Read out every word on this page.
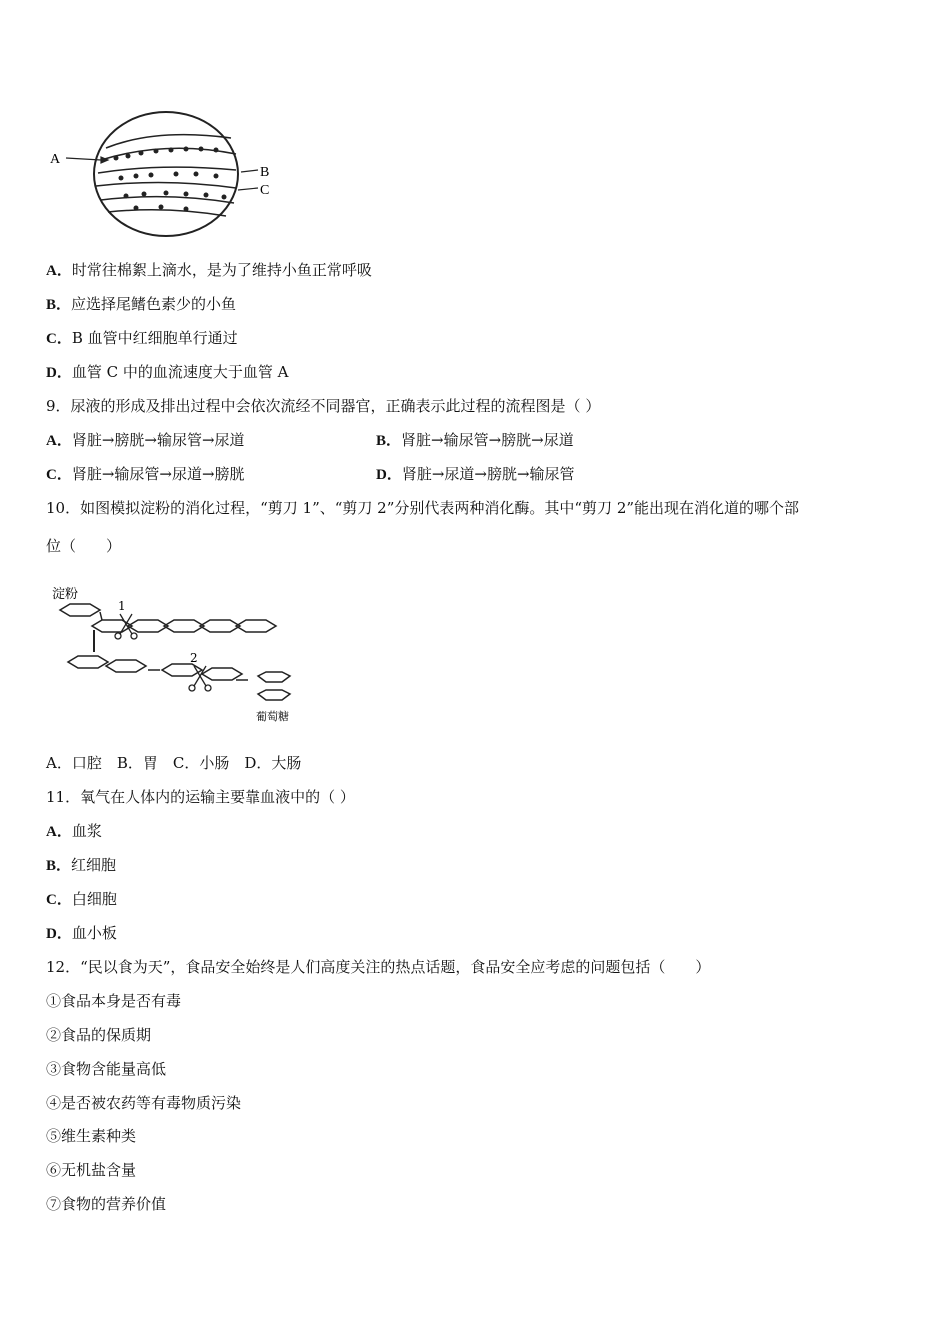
A
B
C
A．时常往棉絮上滴水，是为了维持小鱼正常呼吸
B．应选择尾鳍色素少的小鱼
C．B 血管中红细胞单行通过
D．血管 C 中的血流速度大于血管 A
9．尿液的形成及排出过程中会依次流经不同器官，正确表示此过程的流程图是（ ）
A．肾脏→膀胱→输尿管→尿道	B．肾脏→输尿管→膀胱→尿道
C．肾脏→输尿管→尿道→膀胱	D．肾脏→尿道→膀胱→输尿管
10．如图模拟淀粉的消化过程，“剪刀 1”、“剪刀 2”分别代表两种消化酶。其中“剪刀 2”能出现在消化道的哪个部
位（　　）
淀粉
1
2
葡萄糖
A．口腔　B．胃　C．小肠　D．大肠
11．氧气在人体内的运输主要靠血液中的（ ）
A．血浆
B．红细胞
C．白细胞
D．血小板
12．“民以食为天”，食品安全始终是人们高度关注的热点话题，食品安全应考虑的问题包括（　　）
①食品本身是否有毒
②食品的保质期
③食物含能量高低
④是否被农药等有毒物质污染
⑤维生素种类
⑥无机盐含量
⑦食物的营养价值
